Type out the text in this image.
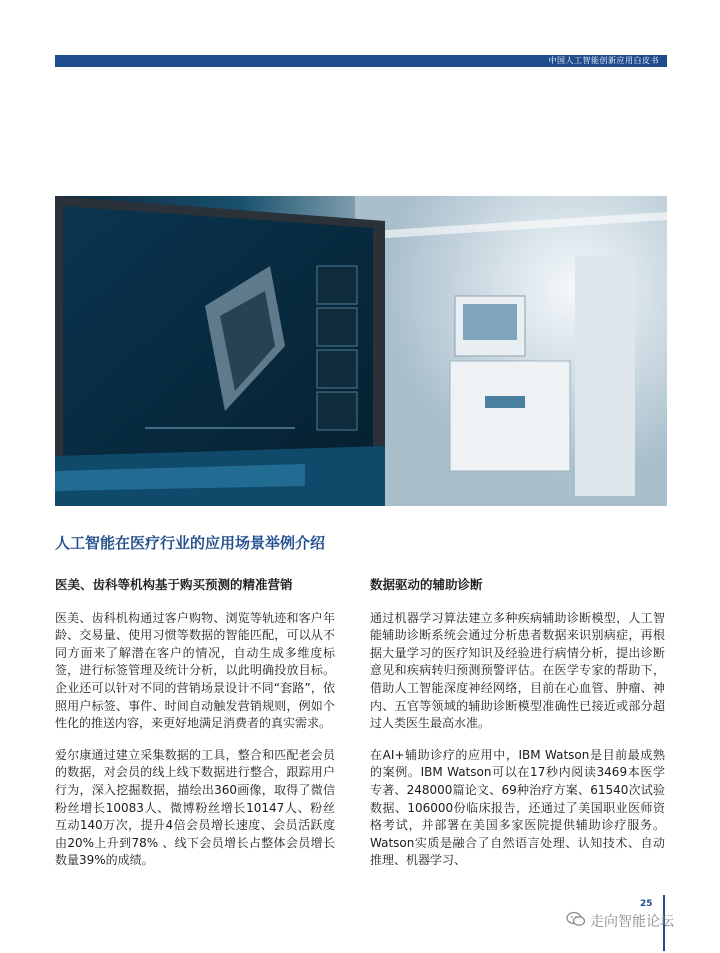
中国人工智能创新应用白皮书
人工智能在医疗行业的应用场景举例介绍
医美、齿科等机构基于购买预测的精准营销

医美、齿科机构通过客户购物、浏览等轨迹和客户年龄、交易量、使用习惯等数据的智能匹配，可以从不同方面来了解潜在客户的情况，自动生成多维度标签，进行标签管理及统计分析，以此明确投放目标。企业还可以针对不同的营销场景设计不同“套路”，依照用户标签、事件、时间自动触发营销规则，例如个性化的推送内容，来更好地满足消费者的真实需求。

爱尔康通过建立采集数据的工具，整合和匹配老会员的数据，对会员的线上线下数据进行整合，跟踪用户行为，深入挖掘数据，描绘出360画像，取得了微信粉丝增长10083人、微博粉丝增长10147人、粉丝互动140万次，提升4倍会员增长速度、会员活跃度由20%上升到78% 、线下会员增长占整体会员增长数量39%的成绩。

数据驱动的辅助诊断

通过机器学习算法建立多种疾病辅助诊断模型，人工智能辅助诊断系统会通过分析患者数据来识别病症，再根据大量学习的医疗知识及经验进行病情分析，提出诊断意见和疾病转归预测预警评估。在医学专家的帮助下，借助人工智能深度神经网络，目前在心血管、肿瘤、神内、五官等领域的辅助诊断模型准确性已接近或部分超过人类医生最高水准。

在AI+辅助诊疗的应用中，IBM Watson是目前最成熟的案例。IBM Watson可以在17秒内阅读3469本医学专著、248000篇论文、69种治疗方案、61540次试验数据、106000份临床报告，还通过了美国职业医师资格考试，并部署在美国多家医院提供辅助诊疗服务。Watson实质是融合了自然语言处理、认知技术、自动推理、机器学习、

25
走向智能论坛
